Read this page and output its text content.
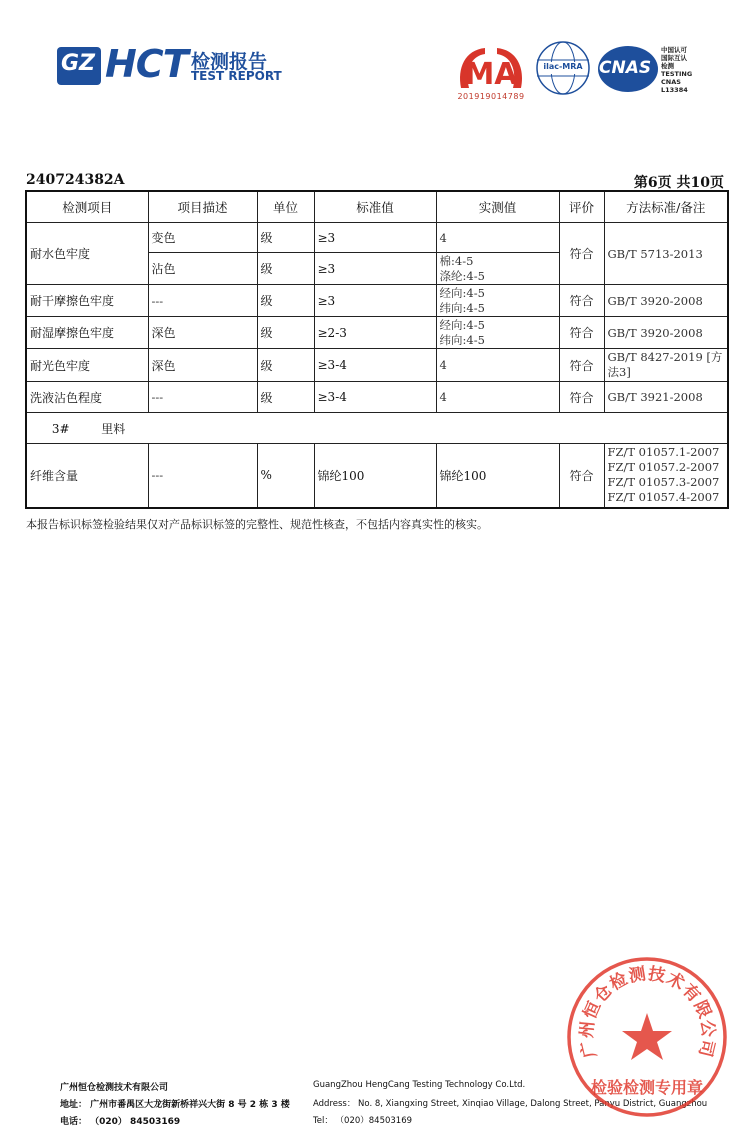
GZ HCT 检测报告
TEST REPORT	MA
201919014789
ilac-MRA CNAS
中国认可
国际互认
检测
TESTING
CNAS L13384
240724382A	第6页 共10页
检测项目	项目描述	单位	标准值	实测值	评价	方法标准/备注
耐水色牢度	变色	级	≥3	4	符合	GB/T 5713-2013
	沾色	级	≥3	棉:4-5
涤纶:4-5		

耐干摩擦色牢度	---	级	≥3	经向:4-5
纬向:4-5	符合	GB/T 3920-2008
耐湿摩擦色牢度	深色	级	≥2-3	经向:4-5
纬向:4-5	符合	GB/T 3920-2008
耐光色牢度	深色	级	≥3-4	4	符合	GB/T 8427-2019 [方
法3]

洗液沾色程度	---	级	≥3-4	4	符合	GB/T 3921-2008
3# 里料						
纤维含量	---	%	锦纶100	锦纶100	符合	FZ/T 01057.1-2007
FZ/T 01057.2-2007
FZ/T 01057.3-2007
FZ/T 01057.4-2007
本报告标识标签检验结果仅对产品标识标签的完整性、规范性核查，不包括内容真实性的核实。
广州恒仓检测技术有限公司
地址： 广州市番禺区大龙街新桥祥兴大街 8 号 2 栋 3 楼
电话： （020） 84503169
GuangZhou HengCang Testing Technology Co.Ltd.
Address： No. 8, Xiangxing Street, Xinqiao Village, Dalong Street, Panyu District, Guangzhou
Tel： （020）84503169
广州恒仓检测技术有限公司
检验检测专用章
